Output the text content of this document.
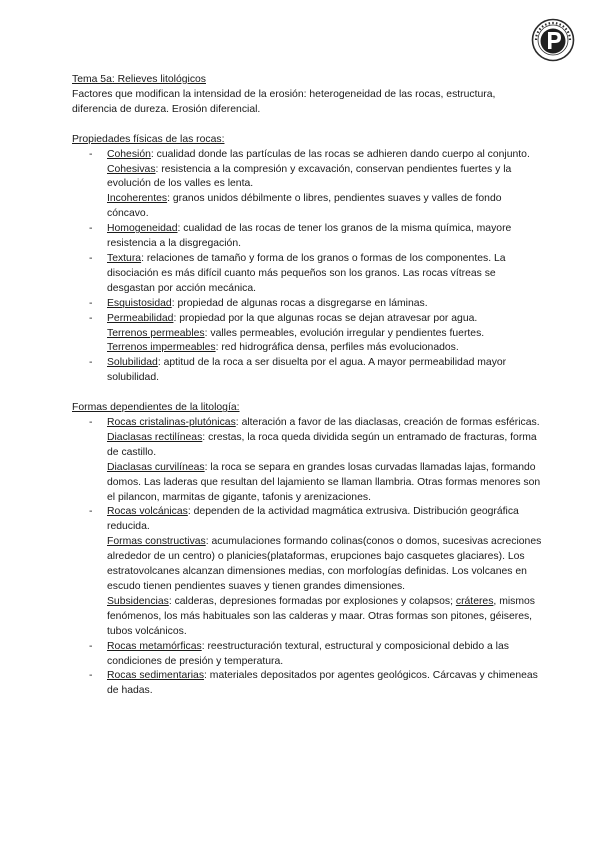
Tema 5a: Relieves litológicos

Factores que modifican la intensidad de la erosión: heterogeneidad de las rocas, estructura, diferencia de dureza. Erosión diferencial.

Propiedades físicas de las rocas:

- Cohesión: cualidad donde las partículas de las rocas se adhieren dando cuerpo al conjunto.
Cohesivas: resistencia a la compresión y excavación, conservan pendientes fuertes y la evolución de los valles es lenta.
Incoherentes: granos unidos débilmente o libres, pendientes suaves y valles de fondo cóncavo.
- Homogeneidad: cualidad de las rocas de tener los granos de la misma química, mayore resistencia a la disgregación.
- Textura: relaciones de tamaño y forma de los granos o formas de los componentes. La disociación es más difícil cuanto más pequeños son los granos. Las rocas vítreas se desgastan por acción mecánica.
- Esquistosidad: propiedad de algunas rocas a disgregarse en láminas.
- Permeabilidad: propiedad por la que algunas rocas se dejan atravesar por agua.
Terrenos permeables: valles permeables, evolución irregular y pendientes fuertes.
Terrenos impermeables: red hidrográfica densa, perfiles más evolucionados.
- Solubilidad: aptitud de la roca a ser disuelta por el agua. A mayor permeabilidad mayor solubilidad.

Formas dependientes de la litología:

- Rocas cristalinas-plutónicas: alteración a favor de las diaclasas, creación de formas esféricas.
Diaclasas rectilíneas: crestas, la roca queda dividida según un entramado de fracturas, forma de castillo.
Diaclasas curvilíneas: la roca se separa en grandes losas curvadas llamadas lajas, formando domos. Las laderas que resultan del lajamiento se llaman llambria. Otras formas menores son el pilancon, marmitas de gigante, tafonis y arenizaciones.
- Rocas volcánicas: dependen de la actividad magmática extrusiva. Distribución geográfica reducida.
Formas constructivas: acumulaciones formando colinas(conos o domos, sucesivas acreciones alrededor de un centro) o planicies(plataformas, erupciones bajo casquetes glaciares). Los estratovolcanes alcanzan dimensiones medias, con morfologías definidas. Los volcanes en escudo tienen pendientes suaves y tienen grandes dimensiones.
Subsidencias: calderas, depresiones formadas por explosiones y colapsos; cráteres, mismos fenómenos, los más habituales son las calderas y maar. Otras formas son pitones, géiseres, tubos volcánicos.
- Rocas metamórficas: reestructuración textural, estructural y composicional debido a las condiciones de presión y temperatura.
- Rocas sedimentarias: materiales depositados por agentes geológicos. Cárcavas y chimeneas de hadas.
